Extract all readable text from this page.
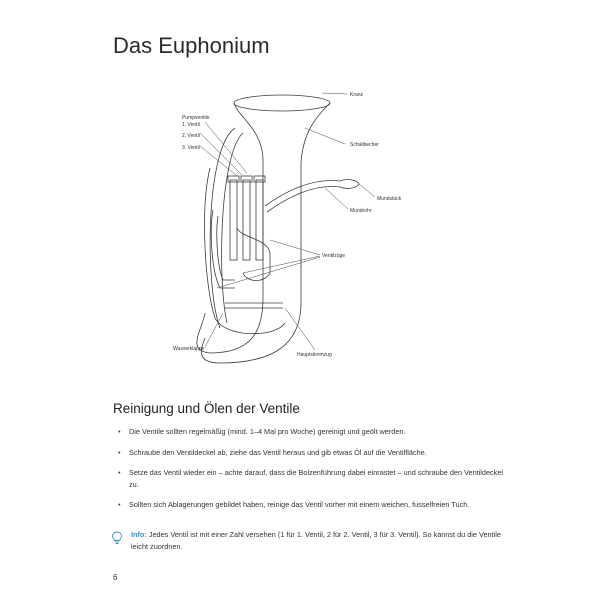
Das Euphonium
Pumpventile
1. Ventil
2. Ventil
3. Ventil
Kranz
Schallbecher
Mundstück
Mundrohr
Ventilzüge
Wasserklappe
Hauptstimmzug
Reinigung und Ölen der Ventile
• Die Ventile sollten regelmäßig (mind. 1–4 Mal pro Woche) gereinigt und geölt werden.
• Schraube den Ventildeckel ab, ziehe das Ventil heraus und gib etwas Öl auf die Ventilfläche.
• Setze das Ventil wieder ein – achte darauf, dass die Bolzenführung dabei einrastet – und schraube den Ventildeckel zu.
• Sollten sich Ablagerungen gebildet haben, reinige das Ventil vorher mit einem weichen, fusselfreien Tuch.

Info: Jedes Ventil ist mit einer Zahl versehen (1 für 1. Ventil, 2 für 2. Ventil, 3 für 3. Ventil). So kannst du die Ventile leicht zuordnen.

6
